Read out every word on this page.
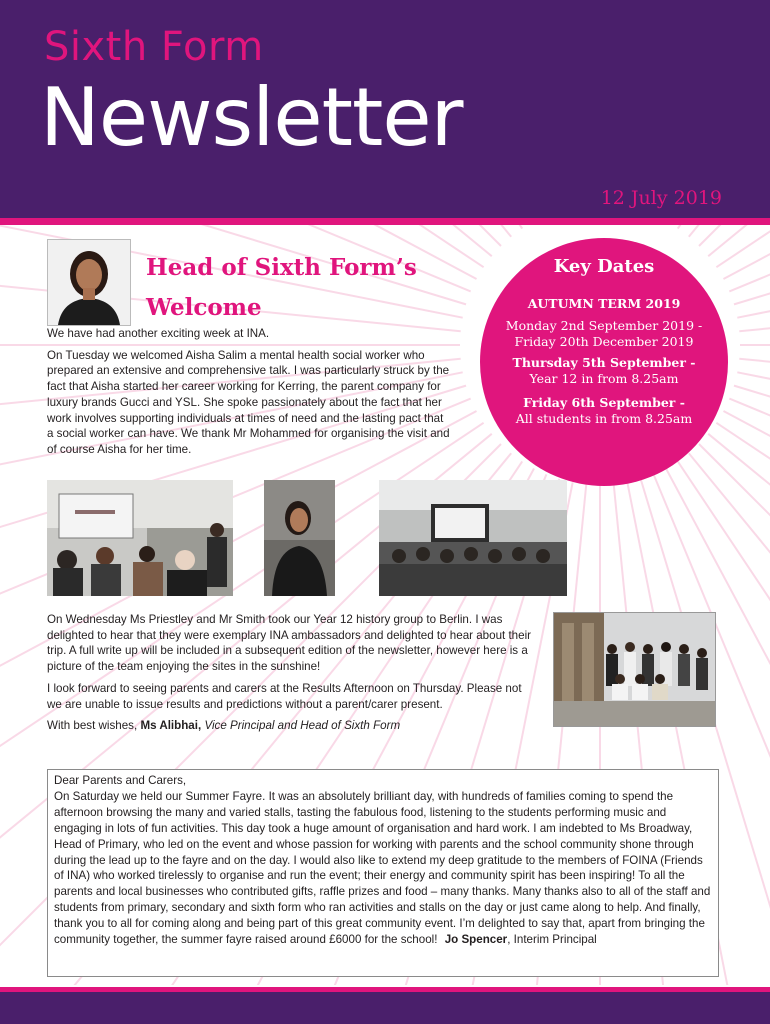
Sixth Form
Newsletter
12 July 2019
Head of Sixth Form’s Welcome

We have had another exciting week at INA.

On Tuesday we welcomed Aisha Salim a mental health social worker who prepared an extensive and comprehensive talk. I was particularly struck by the fact that Aisha started her career working for Kerring, the parent company for luxury brands Gucci and YSL. She spoke passionately about the fact that her work involves supporting individuals at times of need and the lasting pact that a social worker can have. We thank Mr Mohammed for organising the visit and of course Aisha for her time.

Key Dates
AUTUMN TERM 2019
Monday 2nd September 2019 - Friday 20th December 2019
Thursday 5th September -
Year 12 in from 8.25am
Friday 6th September -
All students in from 8.25am

On Wednesday Ms Priestley and Mr Smith took our Year 12 history group to Berlin. I was delighted to hear that they were exemplary INA ambassadors and delighted to hear about their trip. A full write up will be included in a subsequent edition of the newsletter, however here is a picture of the team enjoying the sites in the sunshine!

I look forward to seeing parents and carers at the Results Afternoon on Thursday. Please not we are unable to issue results and predictions without a parent/carer present.

With best wishes, Ms Alibhai, Vice Principal and Head of Sixth Form

Dear Parents and Carers,
On Saturday we held our Summer Fayre. It was an absolutely brilliant day, with hundreds of families coming to spend the afternoon browsing the many and varied stalls, tasting the fabulous food, listening to the students performing music and engaging in lots of fun activities. This day took a huge amount of organisation and hard work. I am indebted to Ms Broadway, Head of Primary, who led on the event and whose passion for working with parents and the school community shone through during the lead up to the fayre and on the day. I would also like to extend my deep gratitude to the members of FOINA (Friends of INA) who worked tirelessly to organise and run the event; their energy and community spirit has been inspiring! To all the parents and local businesses who contributed gifts, raffle prizes and food – many thanks. Many thanks also to all of the staff and students from primary, secondary and sixth form who ran activities and stalls on the day or just came along to help. And finally, thank you to all for coming along and being part of this great community event. I’m delighted to say that, apart from bringing the community together, the summer fayre raised around £6000 for the school! Jo Spencer, Interim Principal
